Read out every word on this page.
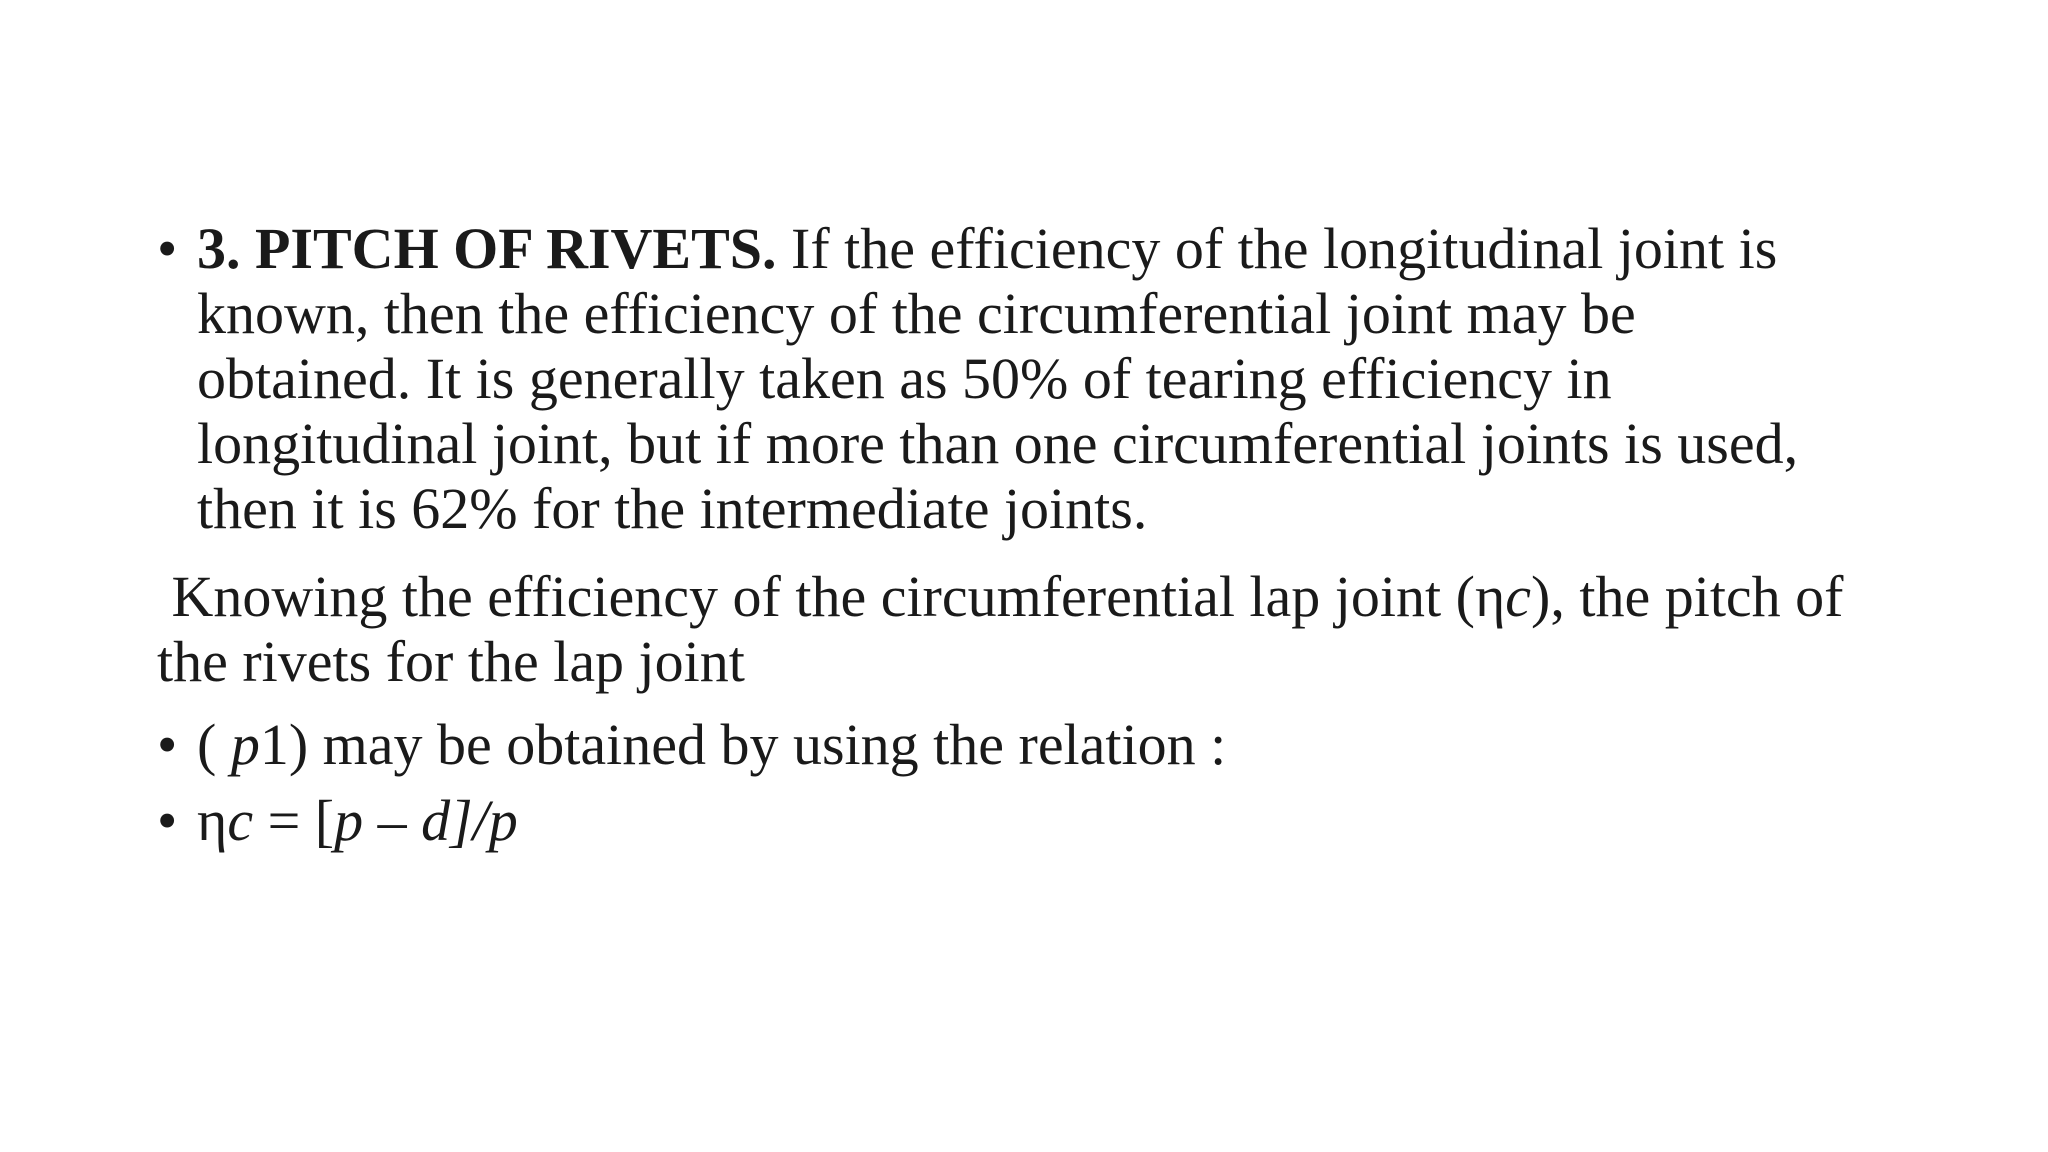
• 3. PITCH OF RIVETS. If the efficiency of the longitudinal joint is
known, then the efficiency of the circumferential joint may be
obtained. It is generally taken as 50% of tearing efficiency in
longitudinal joint, but if more than one circumferential joints is used,
then it is 62% for the intermediate joints.
Knowing the efficiency of the circumferential lap joint (ηc), the pitch of
the rivets for the lap joint
• ( p1) may be obtained by using the relation :
• ηc = [p – d]/p
